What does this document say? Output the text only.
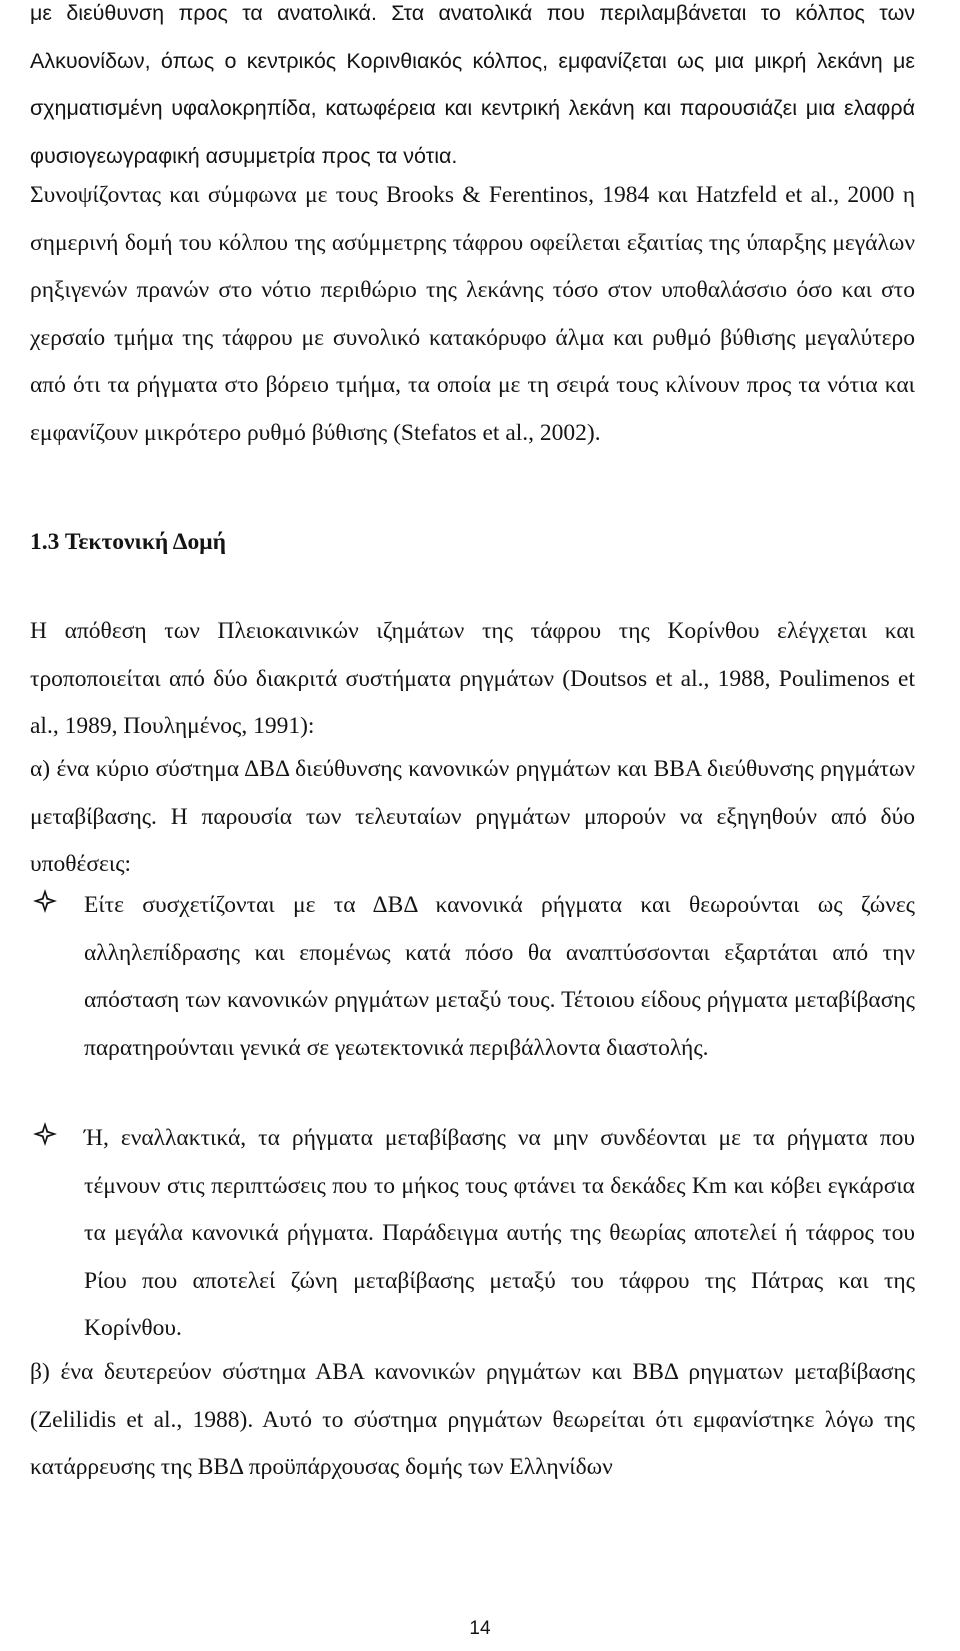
με διεύθυνση προς τα ανατολικά. Στα ανατολικά που περιλαμβάνεται το κόλπος των Αλκυονίδων, όπως ο κεντρικός Κορινθιακός κόλπος, εμφανίζεται ως μια μικρή λεκάνη με σχηματισμένη υφαλοκρηπίδα, κατωφέρεια και κεντρική λεκάνη και παρουσιάζει μια ελαφρά φυσιογεωγραφική ασυμμετρία προς τα νότια.

Συνοψίζοντας και σύμφωνα με τους Brooks & Ferentinos, 1984 και Hatzfeld et al., 2000 η σημερινή δομή του κόλπου της ασύμμετρης τάφρου οφείλεται εξαιτίας της ύπαρξης μεγάλων ρηξιγενών πρανών στο νότιο περιθώριο της λεκάνης τόσο στον υποθαλάσσιο όσο και στο χερσαίο τμήμα της τάφρου με συνολικό κατακόρυφο άλμα και ρυθμό βύθισης μεγαλύτερο από ότι τα ρήγματα στο βόρειο τμήμα, τα οποία με τη σειρά τους κλίνουν προς τα νότια και εμφανίζουν μικρότερο ρυθμό βύθισης (Stefatos et al., 2002).

1.3 Τεκτονική Δομή

Η απόθεση των Πλειοκαινικών ιζημάτων της τάφρου της Κορίνθου ελέγχεται και τροποποιείται από δύο διακριτά συστήματα ρηγμάτων (Doutsos et al., 1988, Poulimenos et al., 1989, Πουλημένος, 1991):

α) ένα κύριο σύστημα ΔΒΔ διεύθυνσης κανονικών ρηγμάτων και ΒΒΑ διεύθυνσης ρηγμάτων μεταβίβασης. Η παρουσία των τελευταίων ρηγμάτων μπορούν να εξηγηθούν από δύο υποθέσεις:

Είτε συσχετίζονται με τα ΔΒΔ κανονικά ρήγματα και θεωρούνται ως ζώνες αλληλεπίδρασης και επομένως κατά πόσο θα αναπτύσσονται εξαρτάται από την απόσταση των κανονικών ρηγμάτων μεταξύ τους. Τέτοιου είδους ρήγματα μεταβίβασης παρατηρούνταιι γενικά σε γεωτεκτονικά περιβάλλοντα διαστολής.

Ή, εναλλακτικά, τα ρήγματα μεταβίβασης να μην συνδέονται με τα ρήγματα που τέμνουν στις περιπτώσεις που το μήκος τους φτάνει τα δεκάδες Km και κόβει εγκάρσια τα μεγάλα κανονικά ρήγματα. Παράδειγμα αυτής της θεωρίας αποτελεί ή τάφρος του Ρίου που αποτελεί ζώνη μεταβίβασης μεταξύ του τάφρου της Πάτρας και της Κορίνθου.

β) ένα δευτερεύον σύστημα ΑΒΑ κανονικών ρηγμάτων και ΒΒΔ ρηγματων μεταβίβασης (Zelilidis et al., 1988). Αυτό το σύστημα ρηγμάτων θεωρείται ότι εμφανίστηκε λόγω της κατάρρευσης της ΒΒΔ προϋπάρχουσας δομής των Ελληνίδων

14
